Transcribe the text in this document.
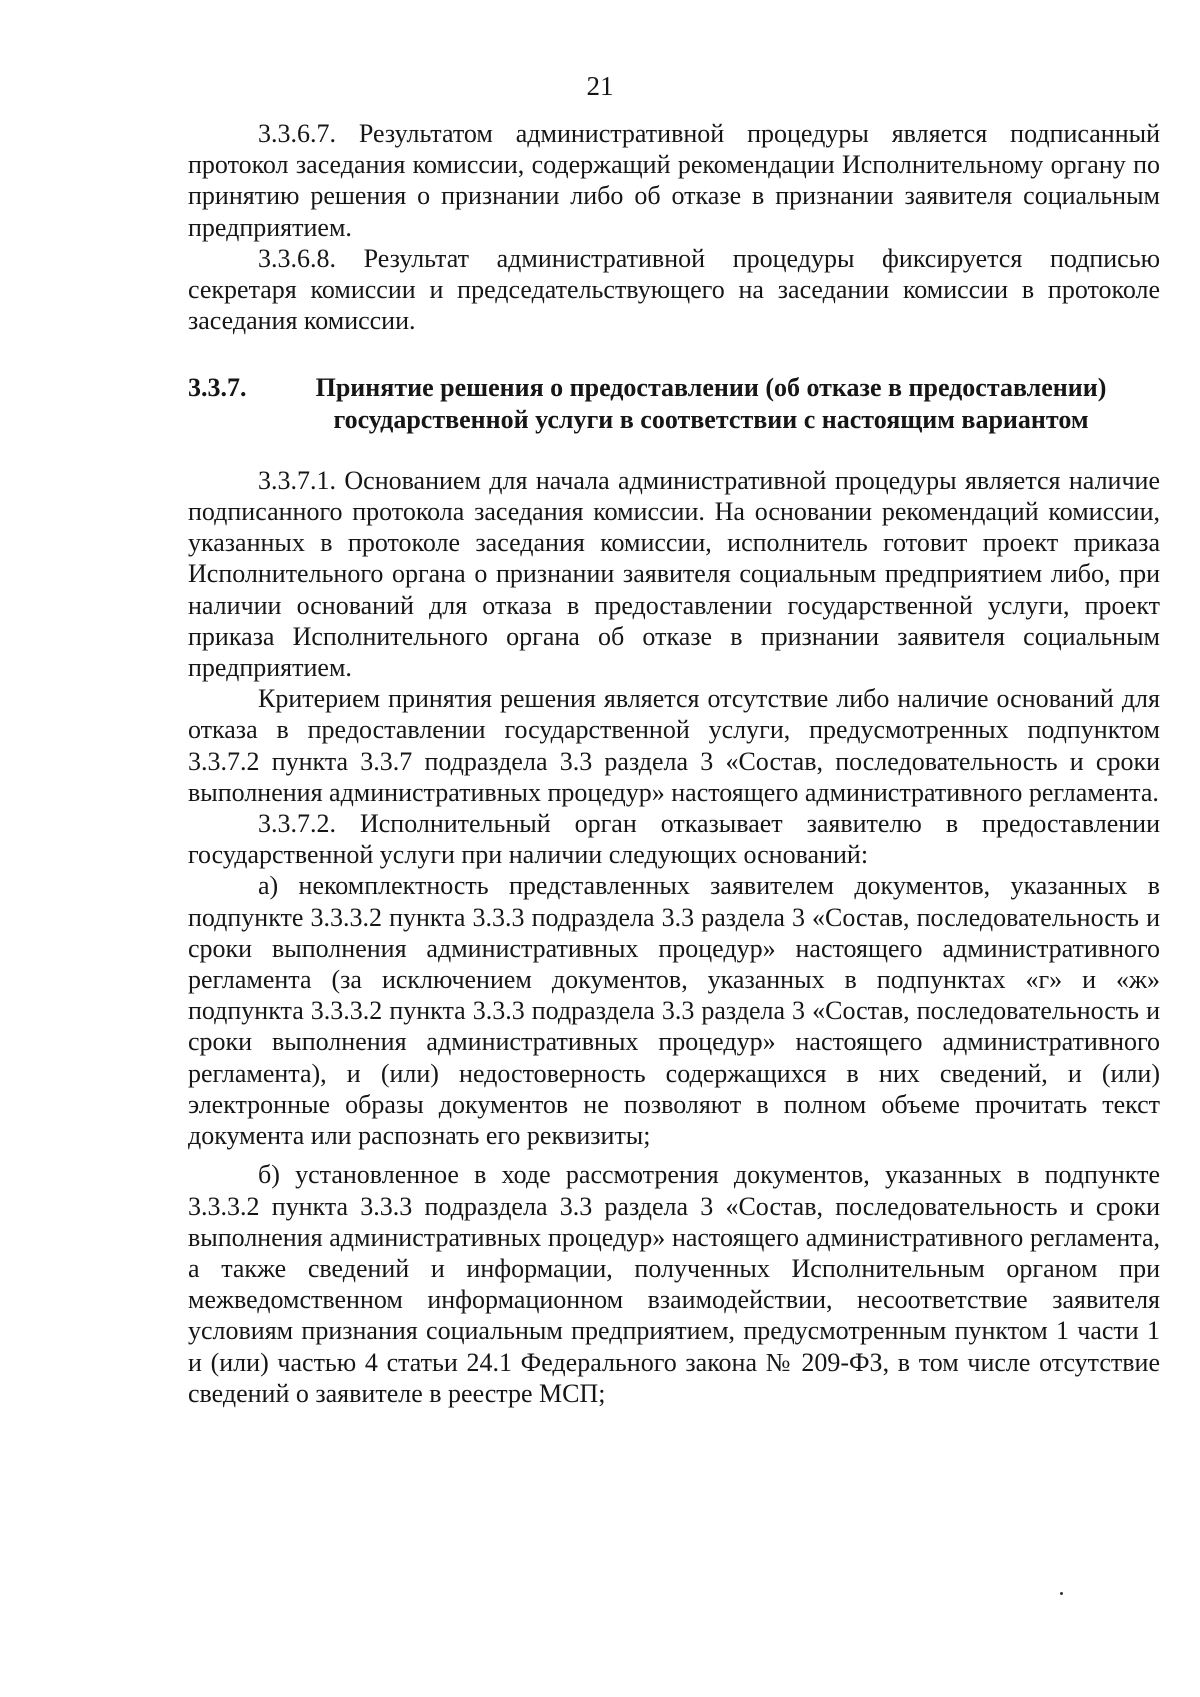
21

3.3.6.7. Результатом административной процедуры является подписанный протокол заседания комиссии, содержащий рекомендации Исполнительному органу по принятию решения о признании либо об отказе в признании заявителя социальным предприятием.

3.3.6.8. Результат административной процедуры фиксируется подписью секретаря комиссии и председательствующего на заседании комиссии в протоколе заседания комиссии.

3.3.7.	Принятие решения о предоставлении (об отказе в предоставлении) государственной услуги в соответствии с настоящим вариантом

3.3.7.1. Основанием для начала административной процедуры является наличие подписанного протокола заседания комиссии. На основании рекомендаций комиссии, указанных в протоколе заседания комиссии, исполнитель готовит проект приказа Исполнительного органа о признании заявителя социальным предприятием либо, при наличии оснований для отказа в предоставлении государственной услуги, проект приказа Исполнительного органа об отказе в признании заявителя социальным предприятием.

Критерием принятия решения является отсутствие либо наличие оснований для отказа в предоставлении государственной услуги, предусмотренных подпунктом 3.3.7.2 пункта 3.3.7 подраздела 3.3 раздела 3 «Состав, последовательность и сроки выполнения административных процедур» настоящего административного регламента.

3.3.7.2. Исполнительный орган отказывает заявителю в предоставлении государственной услуги при наличии следующих оснований:

а) некомплектность представленных заявителем документов, указанных в подпункте 3.3.3.2 пункта 3.3.3 подраздела 3.3 раздела 3 «Состав, последовательность и сроки выполнения административных процедур» настоящего административного регламента (за исключением документов, указанных в подпунктах «г» и «ж» подпункта 3.3.3.2 пункта 3.3.3 подраздела 3.3 раздела 3 «Состав, последовательность и сроки выполнения административных процедур» настоящего административного регламента), и (или) недостоверность содержащихся в них сведений, и (или) электронные образы документов не позволяют в полном объеме прочитать текст документа или распознать его реквизиты;

б) установленное в ходе рассмотрения документов, указанных в подпункте 3.3.3.2 пункта 3.3.3 подраздела 3.3 раздела 3 «Состав, последовательность и сроки выполнения административных процедур» настоящего административного регламента, а также сведений и информации, полученных Исполнительным органом при межведомственном информационном взаимодействии, несоответствие заявителя условиям признания социальным предприятием, предусмотренным пунктом 1 части 1 и (или) частью 4 статьи 24.1 Федерального закона № 209-ФЗ, в том числе отсутствие сведений о заявителе в реестре МСП;
